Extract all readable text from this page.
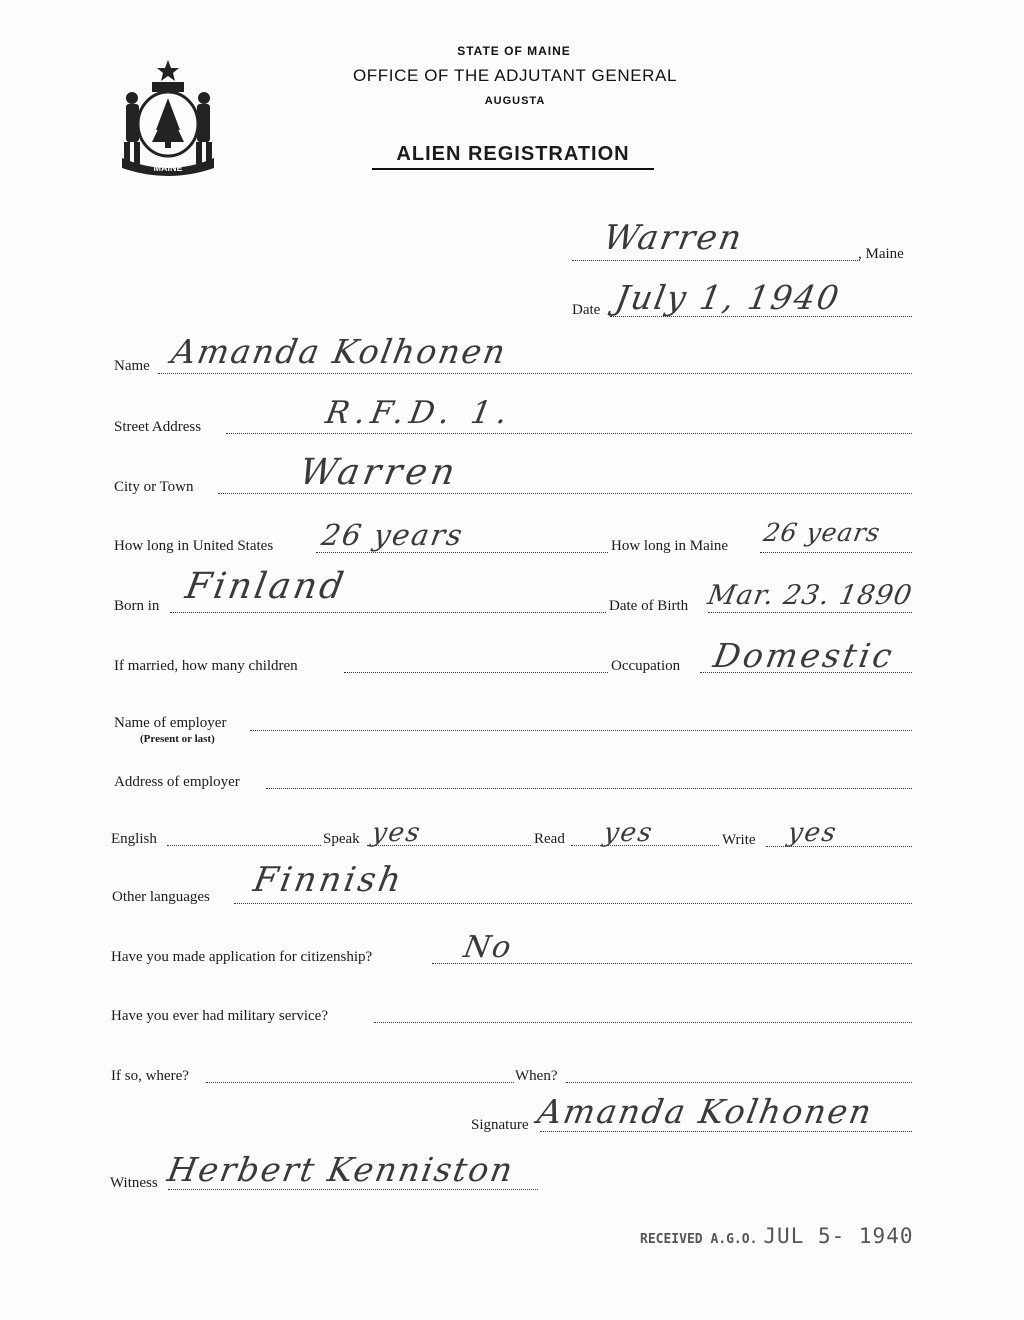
MAINE
STATE OF MAINE
OFFICE OF THE ADJUTANT GENERAL
AUGUSTA
ALIEN REGISTRATION
Warren	, Maine
Date July 1, 1940
Name Amanda Kolhonen
Street Address	R.F.D. 1.
City or Town	Warren
How long in United States 26 years	How long in Maine 26 years
Born in Finland	Date of Birth Mar. 23. 1890
If married, how many children	Occupation Domestic
Name of employer
(Present or last)
Address of employer
English	Speak yes	Read yes	Write yes
Other languages Finnish
Have you made application for citizenship?	No
Have you ever had military service?
If so, where?	When?
Signature Amanda Kolhonen
Witness Herbert Kenniston
RECEIVED A.G.O. JUL 5- 1940
